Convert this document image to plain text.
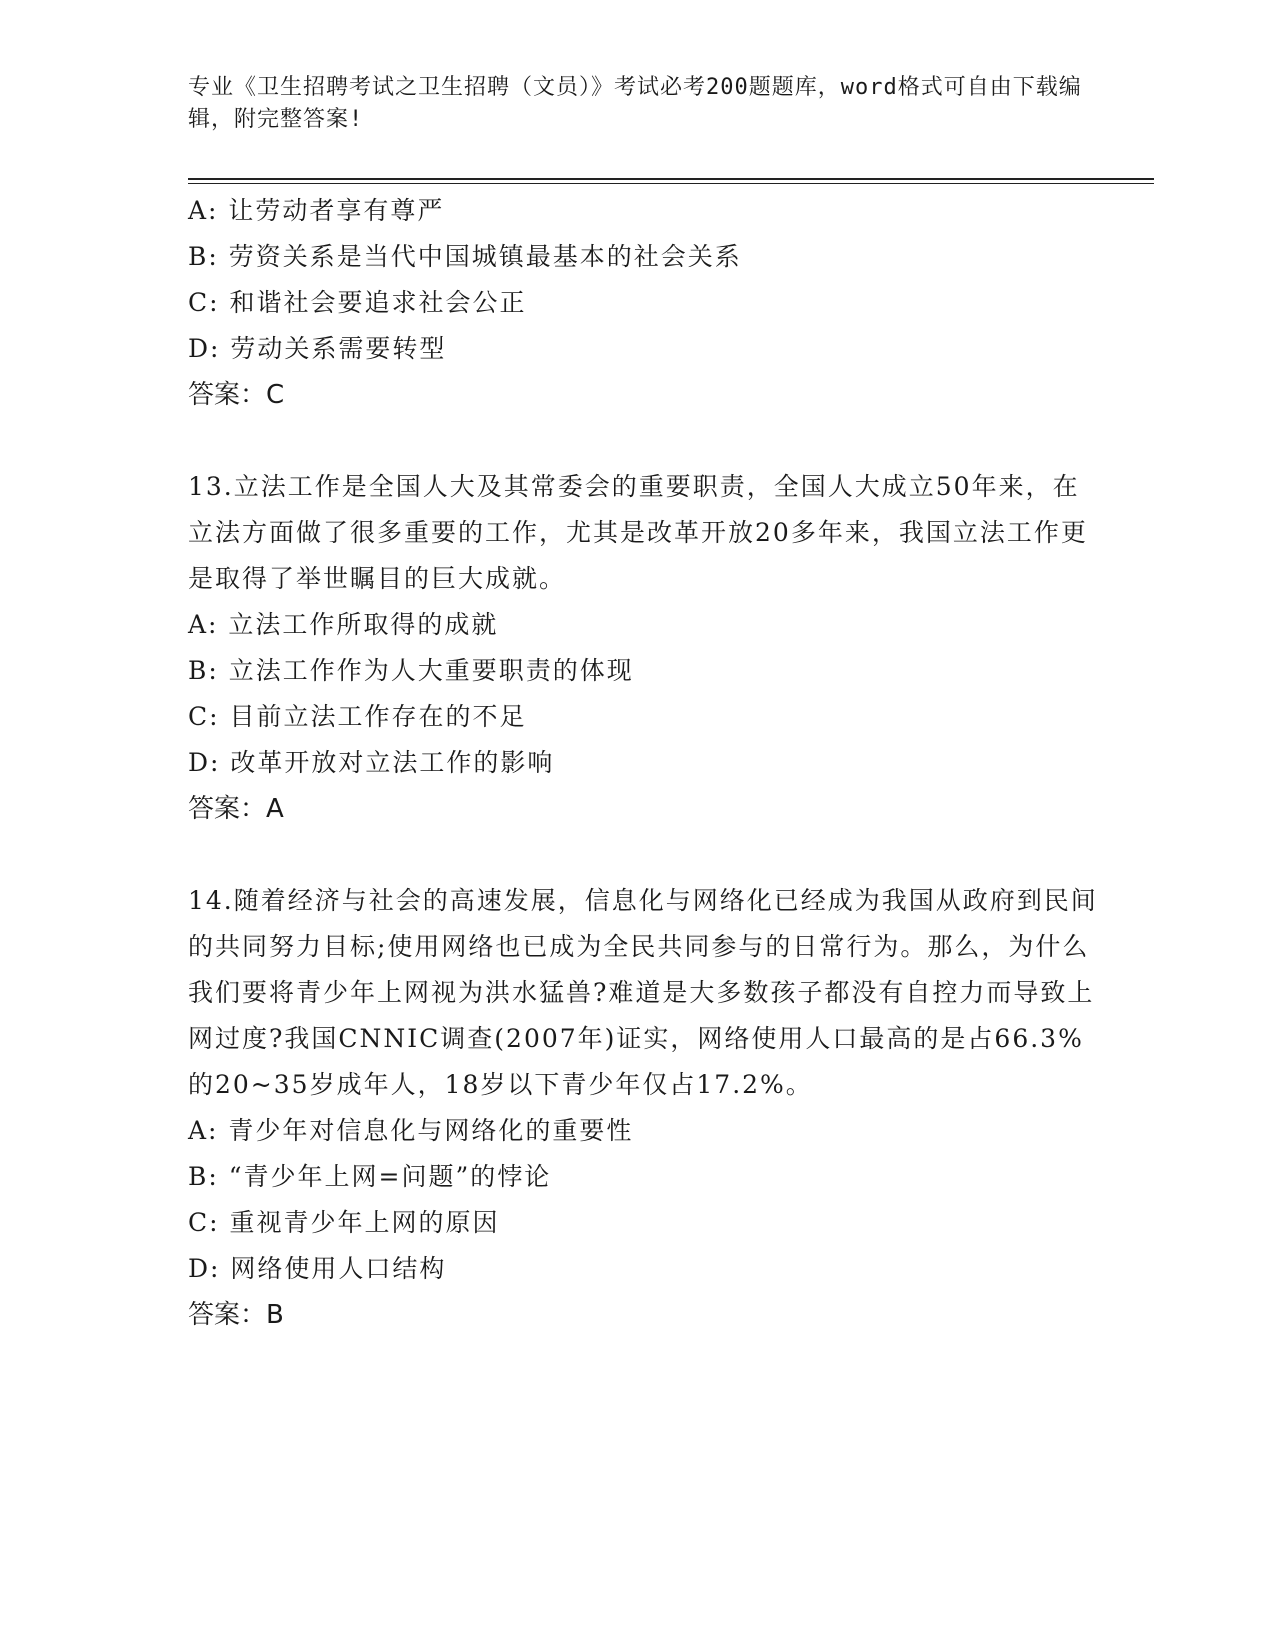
专业《卫生招聘考试之卫生招聘（文员）》考试必考200题题库，word格式可自由下载编辑，附完整答案!
A: 让劳动者享有尊严
B: 劳资关系是当代中国城镇最基本的社会关系
C: 和谐社会要追求社会公正
D: 劳动关系需要转型
答案：C
13.立法工作是全国人大及其常委会的重要职责，全国人大成立50年来，在立法方面做了很多重要的工作，尤其是改革开放20多年来，我国立法工作更是取得了举世瞩目的巨大成就。
A: 立法工作所取得的成就
B: 立法工作作为人大重要职责的体现
C: 目前立法工作存在的不足
D: 改革开放对立法工作的影响
答案：A
14.随着经济与社会的高速发展，信息化与网络化已经成为我国从政府到民间的共同努力目标;使用网络也已成为全民共同参与的日常行为。那么，为什么我们要将青少年上网视为洪水猛兽?难道是大多数孩子都没有自控力而导致上网过度?我国CNNIC调查(2007年)证实，网络使用人口最高的是占66.3%的20~35岁成年人，18岁以下青少年仅占17.2%。
A: 青少年对信息化与网络化的重要性
B: “青少年上网=问题”的悖论
C: 重视青少年上网的原因
D: 网络使用人口结构
答案：B
